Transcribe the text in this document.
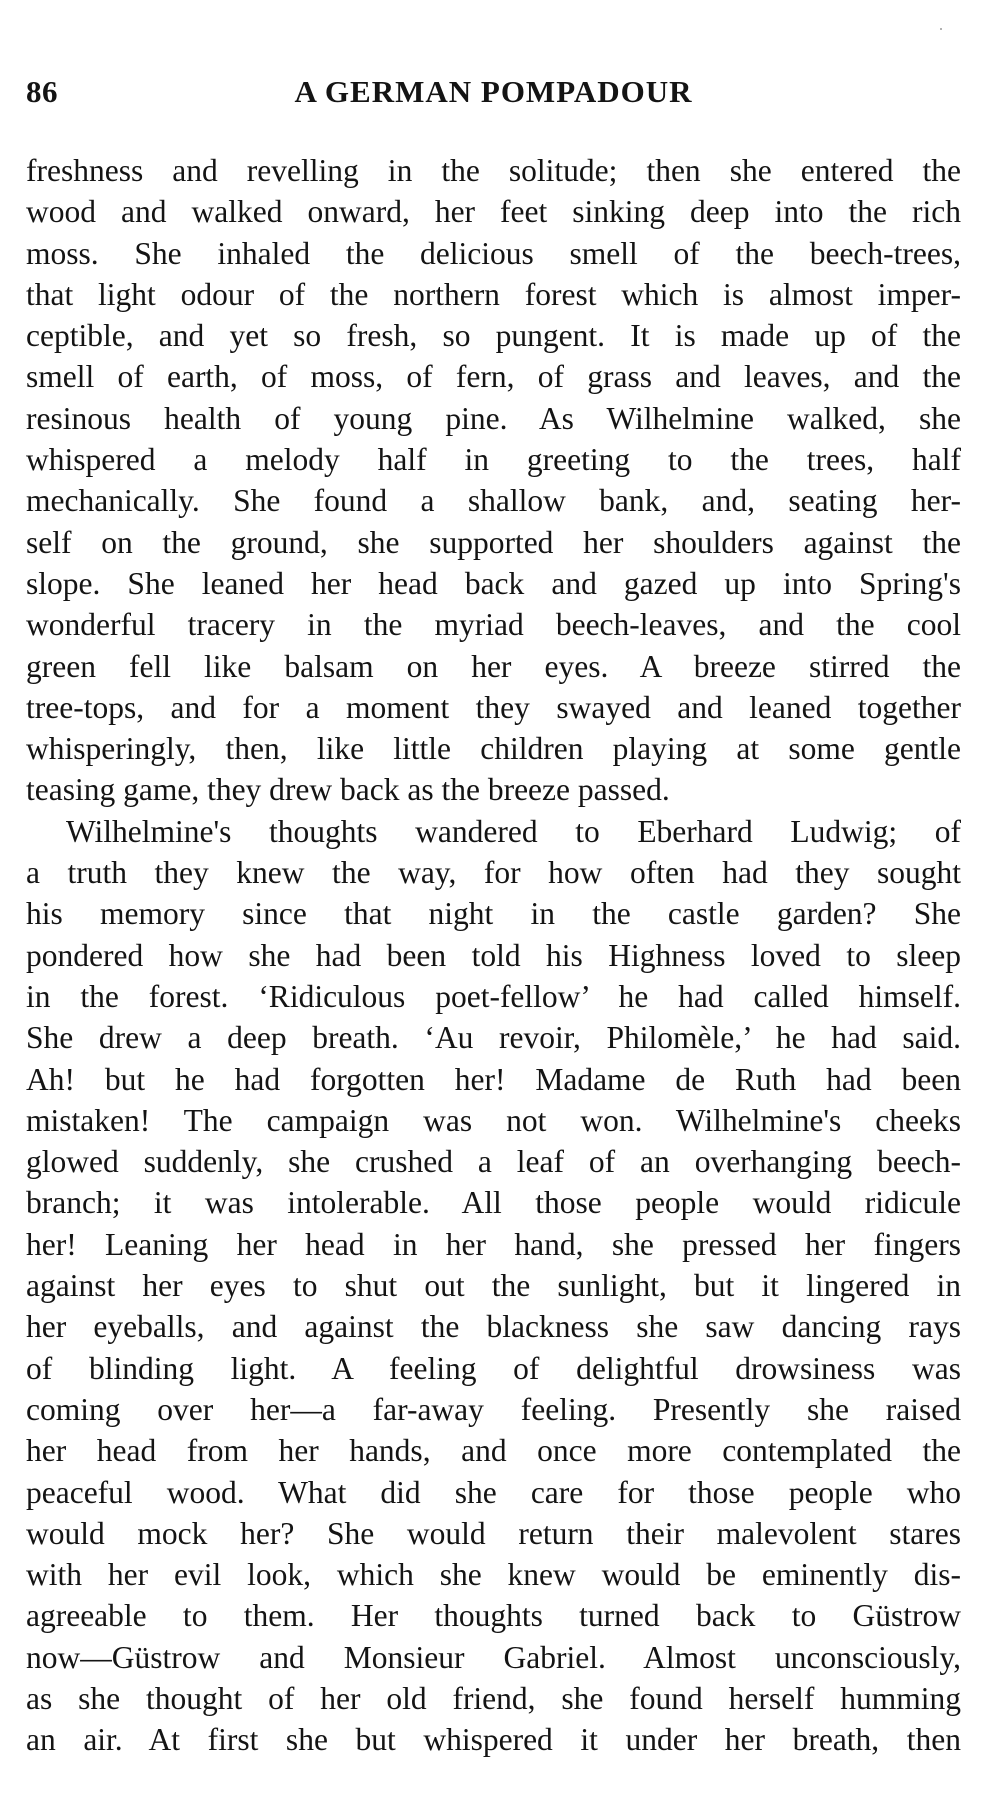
86	A GERMAN POMPADOUR
freshness and revelling in the solitude; then she entered the
wood and walked onward, her feet sinking deep into the rich
moss. She inhaled the delicious smell of the beech-trees,
that light odour of the northern forest which is almost imper-
ceptible, and yet so fresh, so pungent. It is made up of the
smell of earth, of moss, of fern, of grass and leaves, and the
resinous health of young pine. As Wilhelmine walked, she
whispered a melody half in greeting to the trees, half
mechanically. She found a shallow bank, and, seating her-
self on the ground, she supported her shoulders against the
slope. She leaned her head back and gazed up into Spring's
wonderful tracery in the myriad beech-leaves, and the cool
green fell like balsam on her eyes. A breeze stirred the
tree-tops, and for a moment they swayed and leaned together
whisperingly, then, like little children playing at some gentle
teasing game, they drew back as the breeze passed.
Wilhelmine's thoughts wandered to Eberhard Ludwig; of
a truth they knew the way, for how often had they sought
his memory since that night in the castle garden? She
pondered how she had been told his Highness loved to sleep
in the forest. ‘Ridiculous poet-fellow’ he had called himself.
She drew a deep breath. ‘Au revoir, Philomèle,’ he had said.
Ah! but he had forgotten her! Madame de Ruth had been
mistaken! The campaign was not won. Wilhelmine's cheeks
glowed suddenly, she crushed a leaf of an overhanging beech-
branch; it was intolerable. All those people would ridicule
her! Leaning her head in her hand, she pressed her fingers
against her eyes to shut out the sunlight, but it lingered in
her eyeballs, and against the blackness she saw dancing rays
of blinding light. A feeling of delightful drowsiness was
coming over her—a far-away feeling. Presently she raised
her head from her hands, and once more contemplated the
peaceful wood. What did she care for those people who
would mock her? She would return their malevolent stares
with her evil look, which she knew would be eminently dis-
agreeable to them. Her thoughts turned back to Güstrow
now—Güstrow and Monsieur Gabriel. Almost unconsciously,
as she thought of her old friend, she found herself humming
an air. At first she but whispered it under her breath, then
